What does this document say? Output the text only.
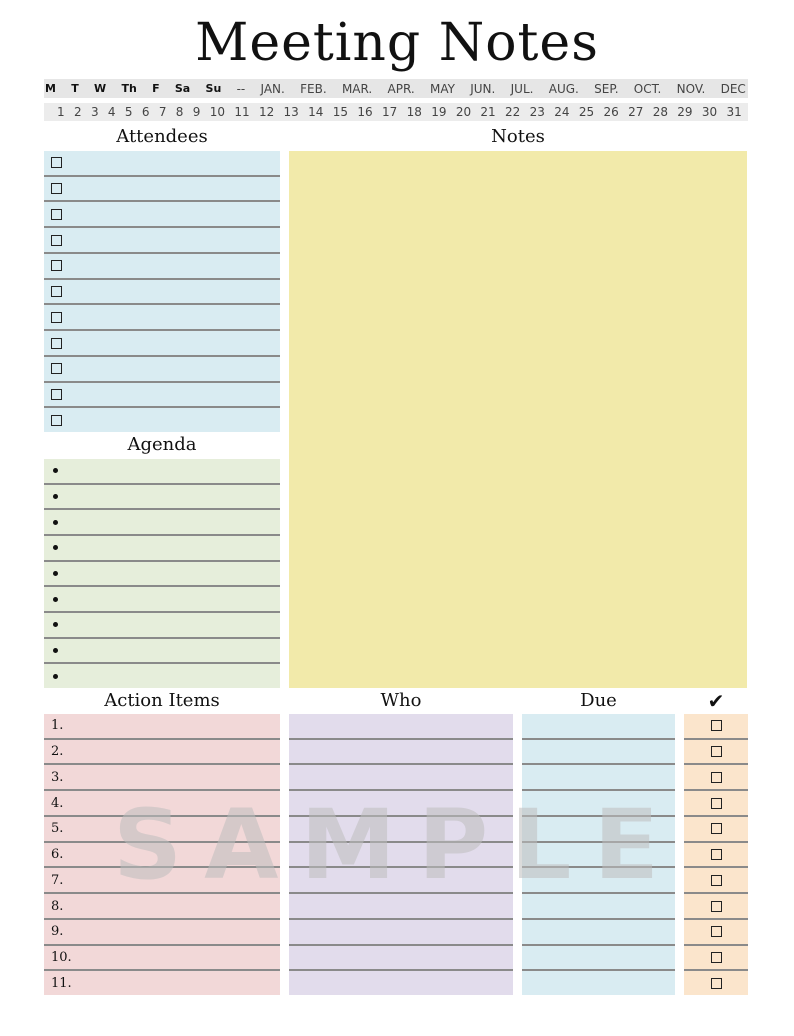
Meeting Notes
M T W Th F Sa Su -- JAN. FEB. MAR. APR. MAY JUN. JUL. AUG. SEP. OCT. NOV. DEC
1 2 3 4 5 6 7 8 9 10 11 12 13 14 15 16 17 18 19 20 21 22 23 24 25 26 27 28 29 30 31
Attendees	Notes
Agenda
Action Items	Who	Due	✔
1.
2.
3.
4.
5.
6.
7.
8.
9.
10.
11.
SAMPLE
